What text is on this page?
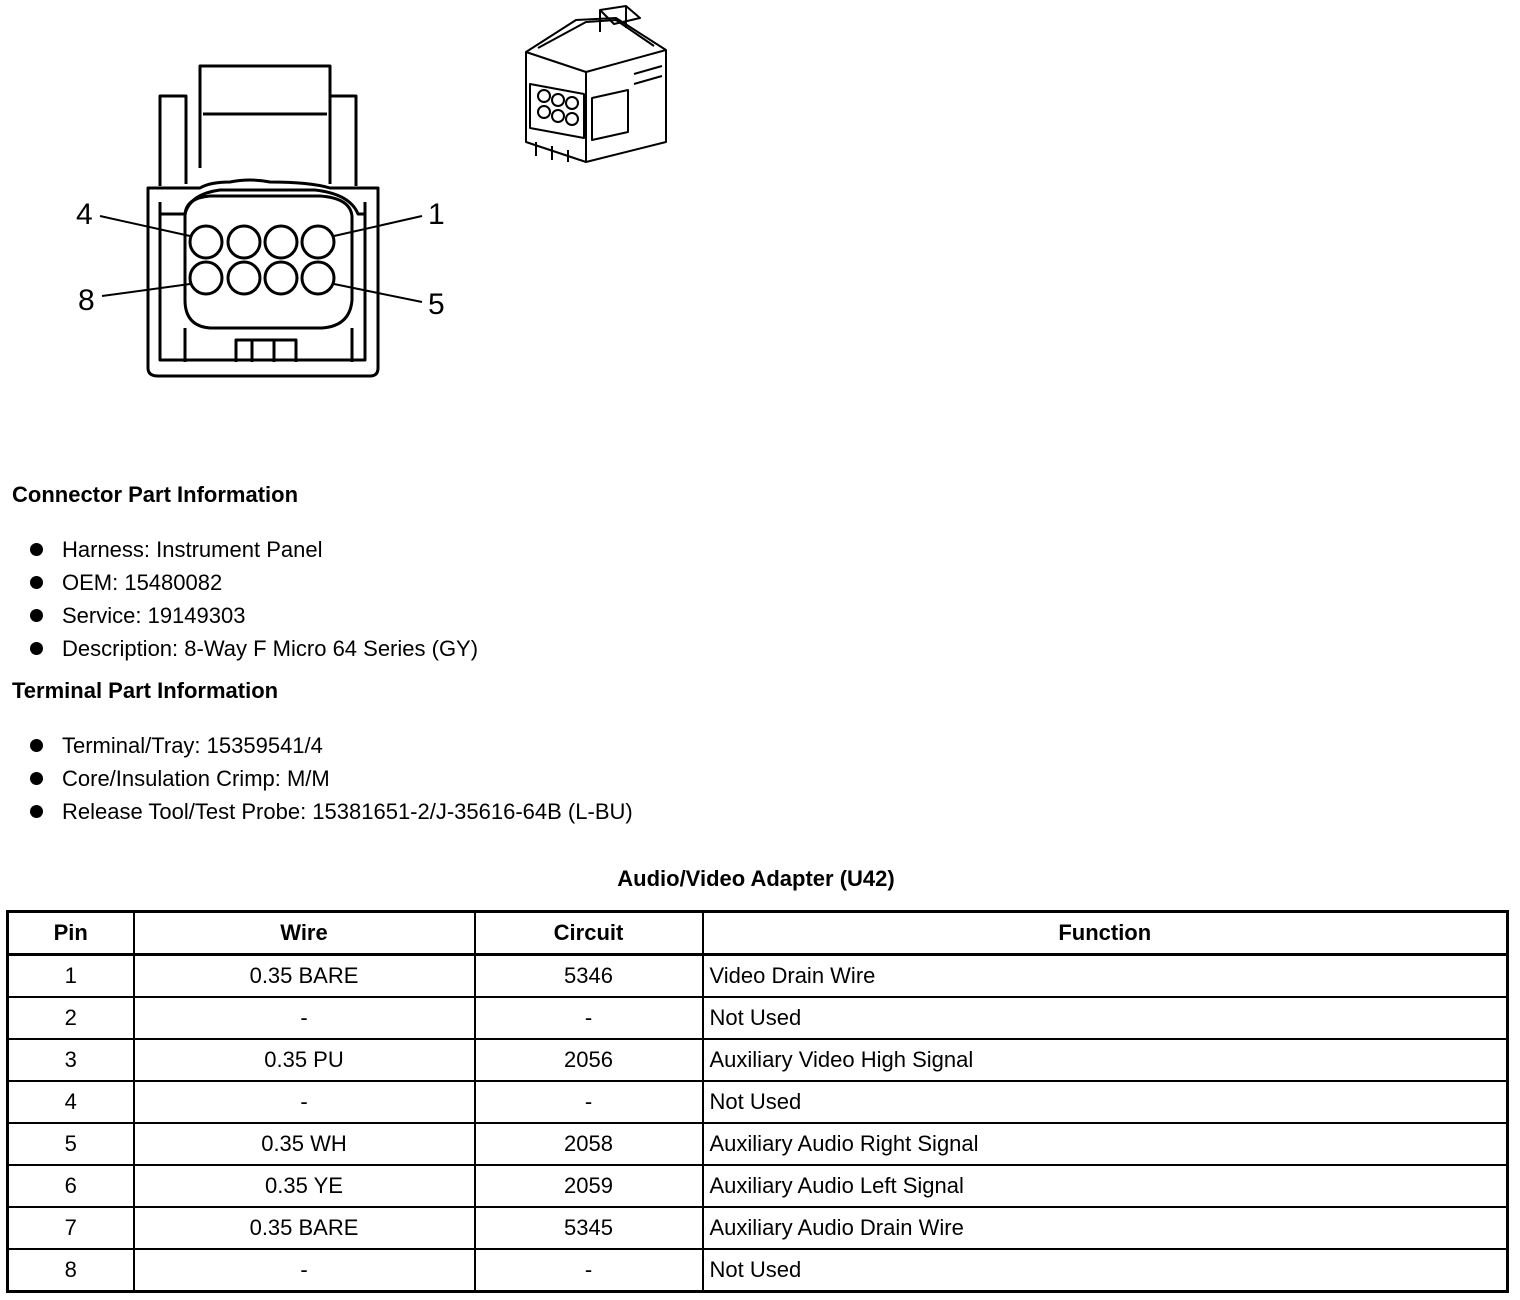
4	1
8	5
Connector Part Information
Harness: Instrument Panel
OEM: 15480082
Service: 19149303
Description: 8-Way F Micro 64 Series (GY)
Terminal Part Information
Terminal/Tray: 15359541/4
Core/Insulation Crimp: M/M
Release Tool/Test Probe: 15381651-2/J-35616-64B (L-BU)
Audio/Video Adapter (U42)
Pin	Wire	Circuit	Function
1	0.35 BARE	5346	Video Drain Wire
2	-	-	Not Used
3	0.35 PU	2056	Auxiliary Video High Signal
4	-	-	Not Used
5	0.35 WH	2058	Auxiliary Audio Right Signal
6	0.35 YE	2059	Auxiliary Audio Left Signal
7	0.35 BARE	5345	Auxiliary Audio Drain Wire
8	-	-	Not Used
